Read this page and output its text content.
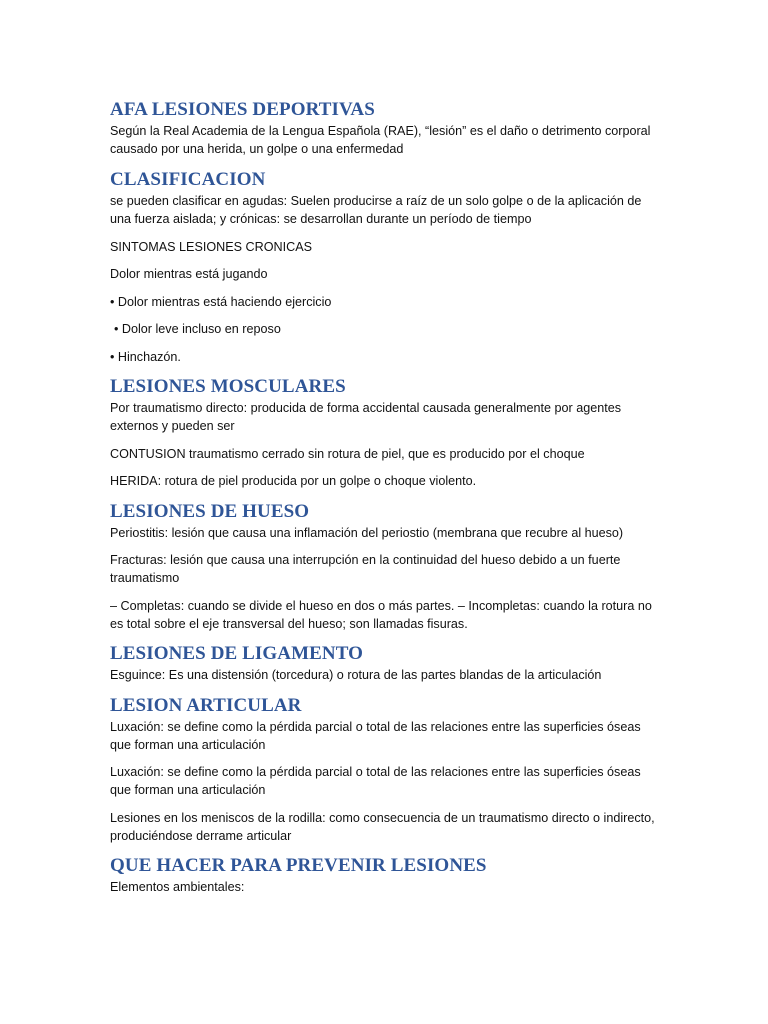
AFA LESIONES DEPORTIVAS

Según la Real Academia de la Lengua Española (RAE), “lesión” es el daño o detrimento corporal causado por una herida, un golpe o una enfermedad

CLASIFICACION

se pueden clasificar en agudas: Suelen producirse a raíz de un solo golpe o de la aplicación de una fuerza aislada; y crónicas: se desarrollan durante un período de tiempo

SINTOMAS LESIONES CRONICAS

Dolor mientras está jugando

• Dolor mientras está haciendo ejercicio

• Dolor leve incluso en reposo

• Hinchazón.

LESIONES MOSCULARES

Por traumatismo directo: producida de forma accidental causada generalmente por agentes externos y pueden ser

CONTUSION traumatismo cerrado sin rotura de piel, que es producido por el choque

HERIDA: rotura de piel producida por un golpe o choque violento.

LESIONES DE HUESO

Periostitis: lesión que causa una inflamación del periostio (membrana que recubre al hueso)

Fracturas: lesión que causa una interrupción en la continuidad del hueso debido a un fuerte traumatismo

– Completas: cuando se divide el hueso en dos o más partes. – Incompletas: cuando la rotura no es total sobre el eje transversal del hueso; son llamadas fisuras.

LESIONES DE LIGAMENTO

Esguince: Es una distensión (torcedura) o rotura de las partes blandas de la articulación

LESION ARTICULAR

Luxación: se define como la pérdida parcial o total de las relaciones entre las superficies óseas que forman una articulación

Luxación: se define como la pérdida parcial o total de las relaciones entre las superficies óseas que forman una articulación

Lesiones en los meniscos de la rodilla: como consecuencia de un traumatismo directo o indirecto, produciéndose derrame articular

QUE HACER PARA PREVENIR LESIONES

Elementos ambientales:
